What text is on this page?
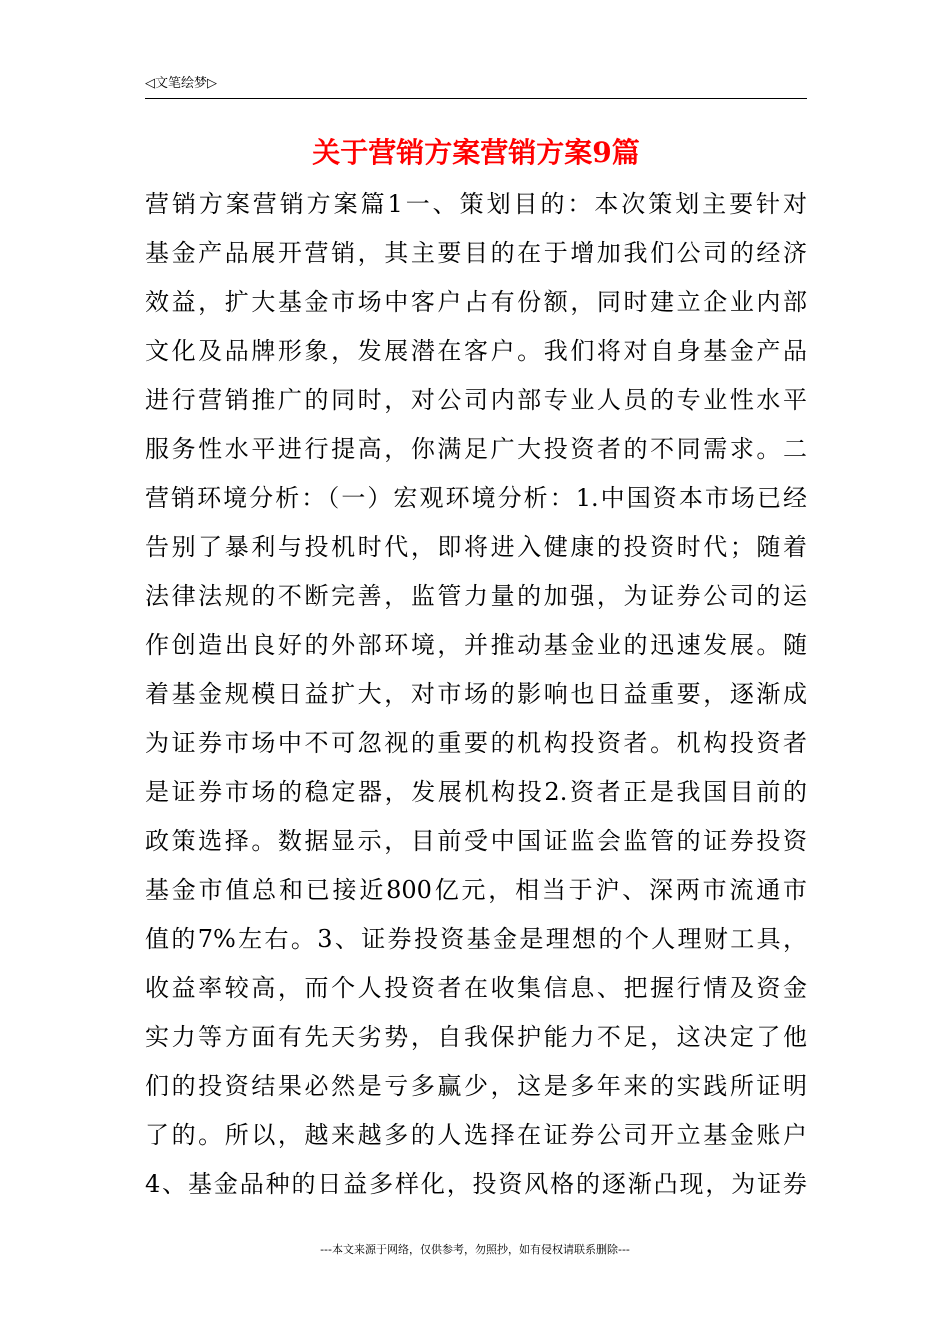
◁文笔绘梦▷
关于营销方案营销方案9篇
营销方案营销方案篇1一、策划目的：本次策划主要针对
基金产品展开营销，其主要目的在于增加我们公司的经济
效益，扩大基金市场中客户占有份额，同时建立企业内部
文化及品牌形象，发展潜在客户。我们将对自身基金产品
进行营销推广的同时，对公司内部专业人员的专业性水平
服务性水平进行提高，你满足广大投资者的不同需求。二
营销环境分析：（一）宏观环境分析：1.中国资本市场已经
告别了暴利与投机时代，即将进入健康的投资时代；随着
法律法规的不断完善，监管力量的加强，为证券公司的运
作创造出良好的外部环境，并推动基金业的迅速发展。随
着基金规模日益扩大，对市场的影响也日益重要，逐渐成
为证券市场中不可忽视的重要的机构投资者。机构投资者
是证券市场的稳定器，发展机构投2.资者正是我国目前的
政策选择。数据显示，目前受中国证监会监管的证券投资
基金市值总和已接近800亿元，相当于沪、深两市流通市
值的7%左右。3、证券投资基金是理想的个人理财工具，
收益率较高，而个人投资者在收集信息、把握行情及资金
实力等方面有先天劣势，自我保护能力不足，这决定了他
们的投资结果必然是亏多赢少，这是多年来的实践所证明
了的。所以，越来越多的人选择在证券公司开立基金账户
4、基金品种的日益多样化，投资风格的逐渐凸现，为证券
---本文来源于网络，仅供参考，勿照抄，如有侵权请联系删除---
